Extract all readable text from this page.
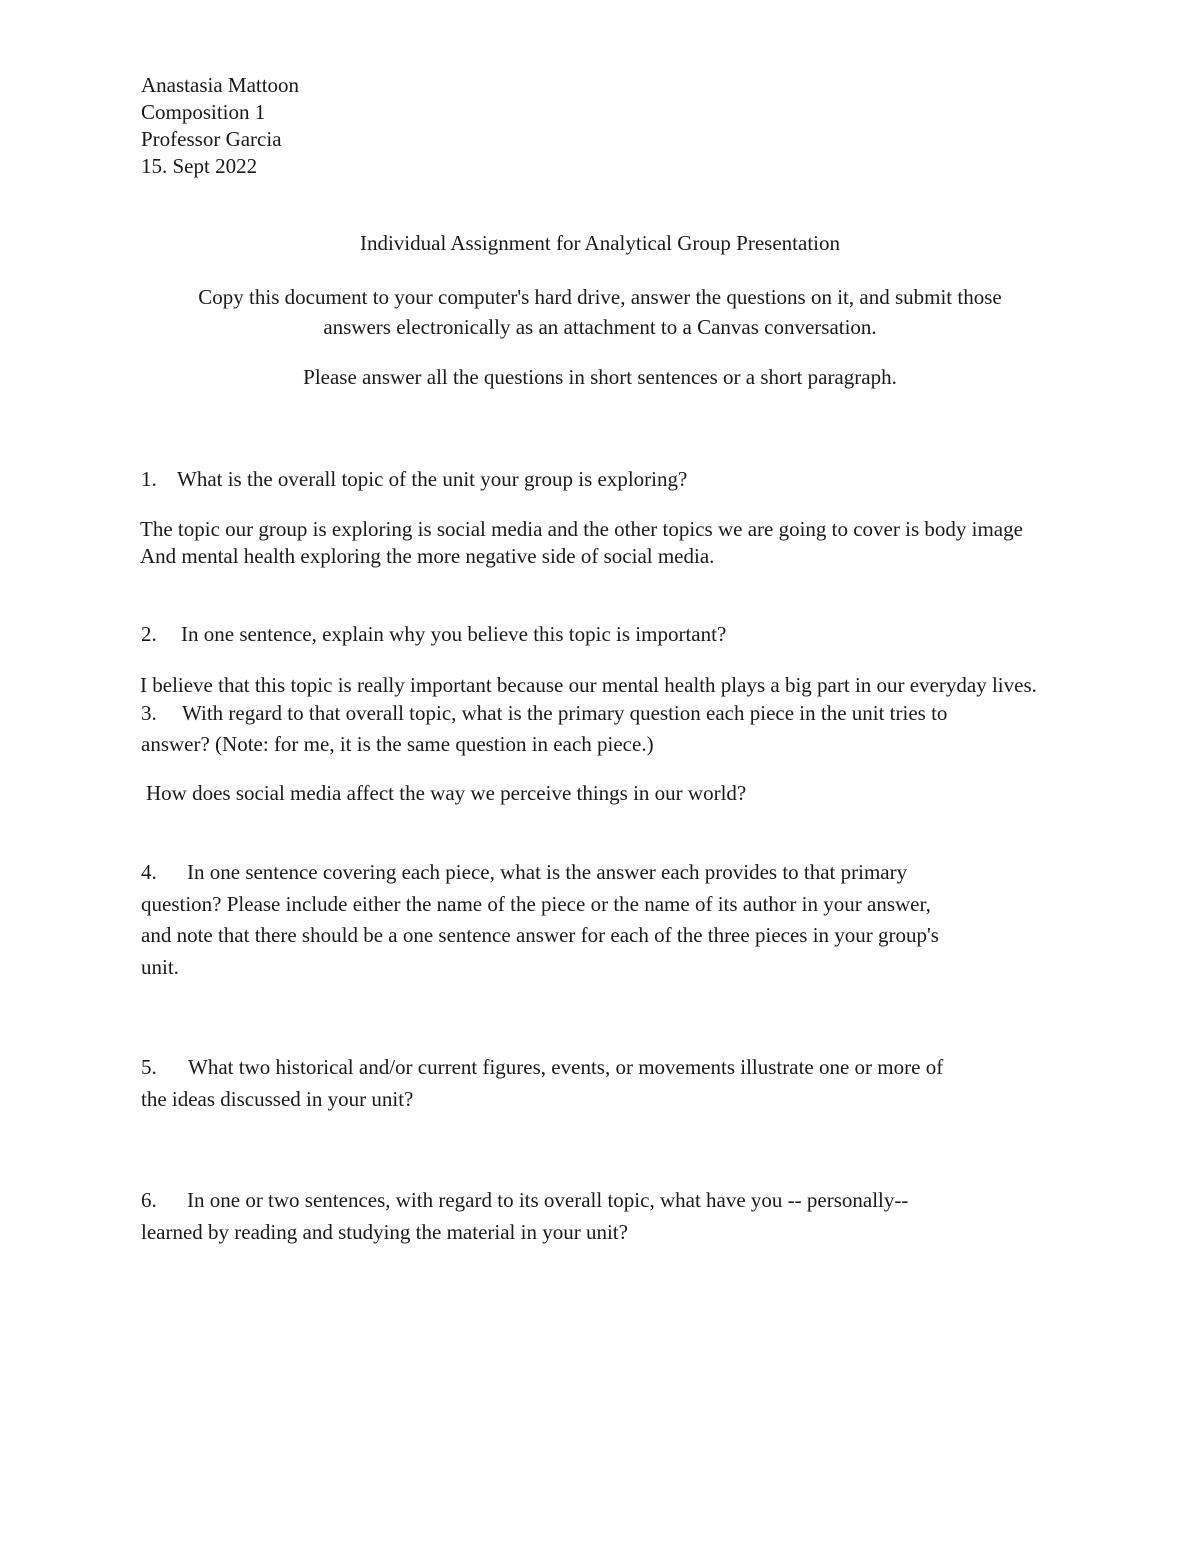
Anastasia Mattoon
Composition 1
Professor Garcia
15. Sept 2022
Individual Assignment for Analytical Group Presentation
Copy this document to your computer's hard drive, answer the questions on it, and submit those
answers electronically as an attachment to a Canvas conversation.
Please answer all the questions in short sentences or a short paragraph.
1. What is the overall topic of the unit your group is exploring?
The topic our group is exploring is social media and the other topics we are going to cover is body image
And mental health exploring the more negative side of social media.
2. In one sentence, explain why you believe this topic is important?
I believe that this topic is really important because our mental health plays a big part in our everyday lives.
3. With regard to that overall topic, what is the primary question each piece in the unit tries to
answer? (Note: for me, it is the same question in each piece.)
How does social media affect the way we perceive things in our world?
4. In one sentence covering each piece, what is the answer each provides to that primary
question? Please include either the name of the piece or the name of its author in your answer,
and note that there should be a one sentence answer for each of the three pieces in your group's
unit.
5. What two historical and/or current figures, events, or movements illustrate one or more of
the ideas discussed in your unit?
6. In one or two sentences, with regard to its overall topic, what have you -- personally--
learned by reading and studying the material in your unit?
